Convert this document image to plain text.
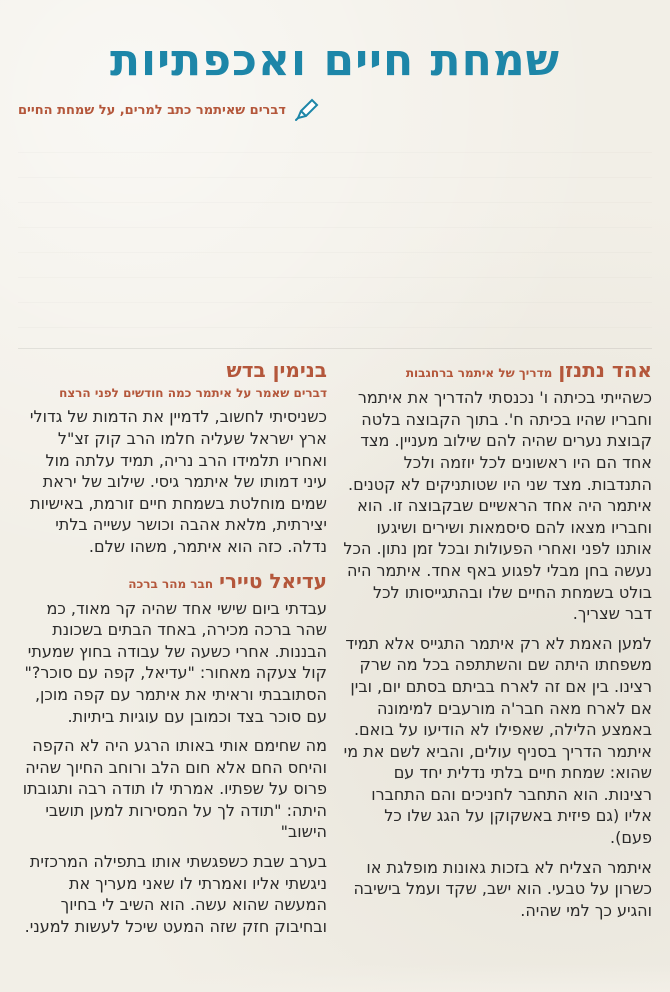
שמחת חיים ואכפתיות
דברים שאיתמר כתב למרים, על שמחת החיים
אהד נתנזן
מדריך של איתמר ברחגבות

כשהייתי בכיתה ו' נכנסתי להדריך את איתמר וחבריו שהיו בכיתה ח'. בתוך הקבוצה בלטה קבוצת נערים שהיה להם שילוב מעניין. מצד אחד הם היו ראשונים לכל יוזמה ולכל התנדבות. מצד שני היו שטותניקים לא קטנים. איתמר היה אחד הראשיים שבקבוצה זו. הוא וחבריו מצאו להם סיסמאות ושירים ושיגעו אותנו לפני ואחרי הפעולות ובכל זמן נתון. הכל נעשה בחן מבלי לפגוע באף אחד. איתמר היה בולט בשמחת החיים שלו ובהתגייסותו לכל דבר שצריך.

למען האמת לא רק איתמר התגייס אלא תמיד משפחתו היתה שם והשתתפה בכל מה שרק רצינו. בין אם זה לארח בביתם בסתם יום, ובין אם לארח מאה חבר'ה מורעבים למימונה באמצע הלילה, שאפילו לא הודיעו על בואם. איתמר הדריך בסניף עולים, והביא לשם את מי שהוא: שמחת חיים בלתי נדלית יחד עם רצינות. הוא התחבר לחניכים והם התחברו אליו (גם פיזית באשקוקן על הגג שלו כל פעם).

איתמר הצליח לא בזכות גאונות מופלגת או כשרון על טבעי. הוא ישב, שקד ועמל בישיבה והגיע כך למי שהיה.

בנימין בדש
דברים שאמר על איתמר כמה חודשים לפני הרצח

כשניסיתי לחשוב, לדמיין את הדמות של גדולי ארץ ישראל שעליה חלמו הרב קוק זצ"ל ואחריו תלמידו הרב נריה, תמיד עלתה מול עיני דמותו של איתמר גיסי. שילוב של יראת שמים מוחלטת בשמחת חיים זורמת, באישיות יצירתית, מלאת אהבה וכושר עשייה בלתי נדלה. כזה הוא איתמר, משהו שלם.

עדיאל טיירי
חבר מהר ברכה

עבדתי ביום שישי אחד שהיה קר מאוד, כמ שהר ברכה מכירה, באחד הבתים בשכונת הבננות. אחרי כשעה של עבודה בחוץ שמעתי קול צעקה מאחור: "עדיאל, קפה עם סוכר?" הסתובבתי וראיתי את איתמר עם קפה מוכן, עם סוכר בצד וכמובן עם עוגיות ביתיות.

מה שחימם אותי באותו הרגע היה לא הקפה והיחס החם אלא חום הלב ורוחב החיוך שהיה פרוס על שפתיו. אמרתי לו תודה רבה ותגובתו היתה: "תודה לך על המסירות למען תושבי הישוב"

בערב שבת כשפגשתי אותו בתפילה המרכזית ניגשתי אליו ואמרתי לו שאני מעריך את המעשה שהוא עשה. הוא השיב לי בחיוך ובחיבוק חזק שזה המעט שיכל לעשות למעני.
